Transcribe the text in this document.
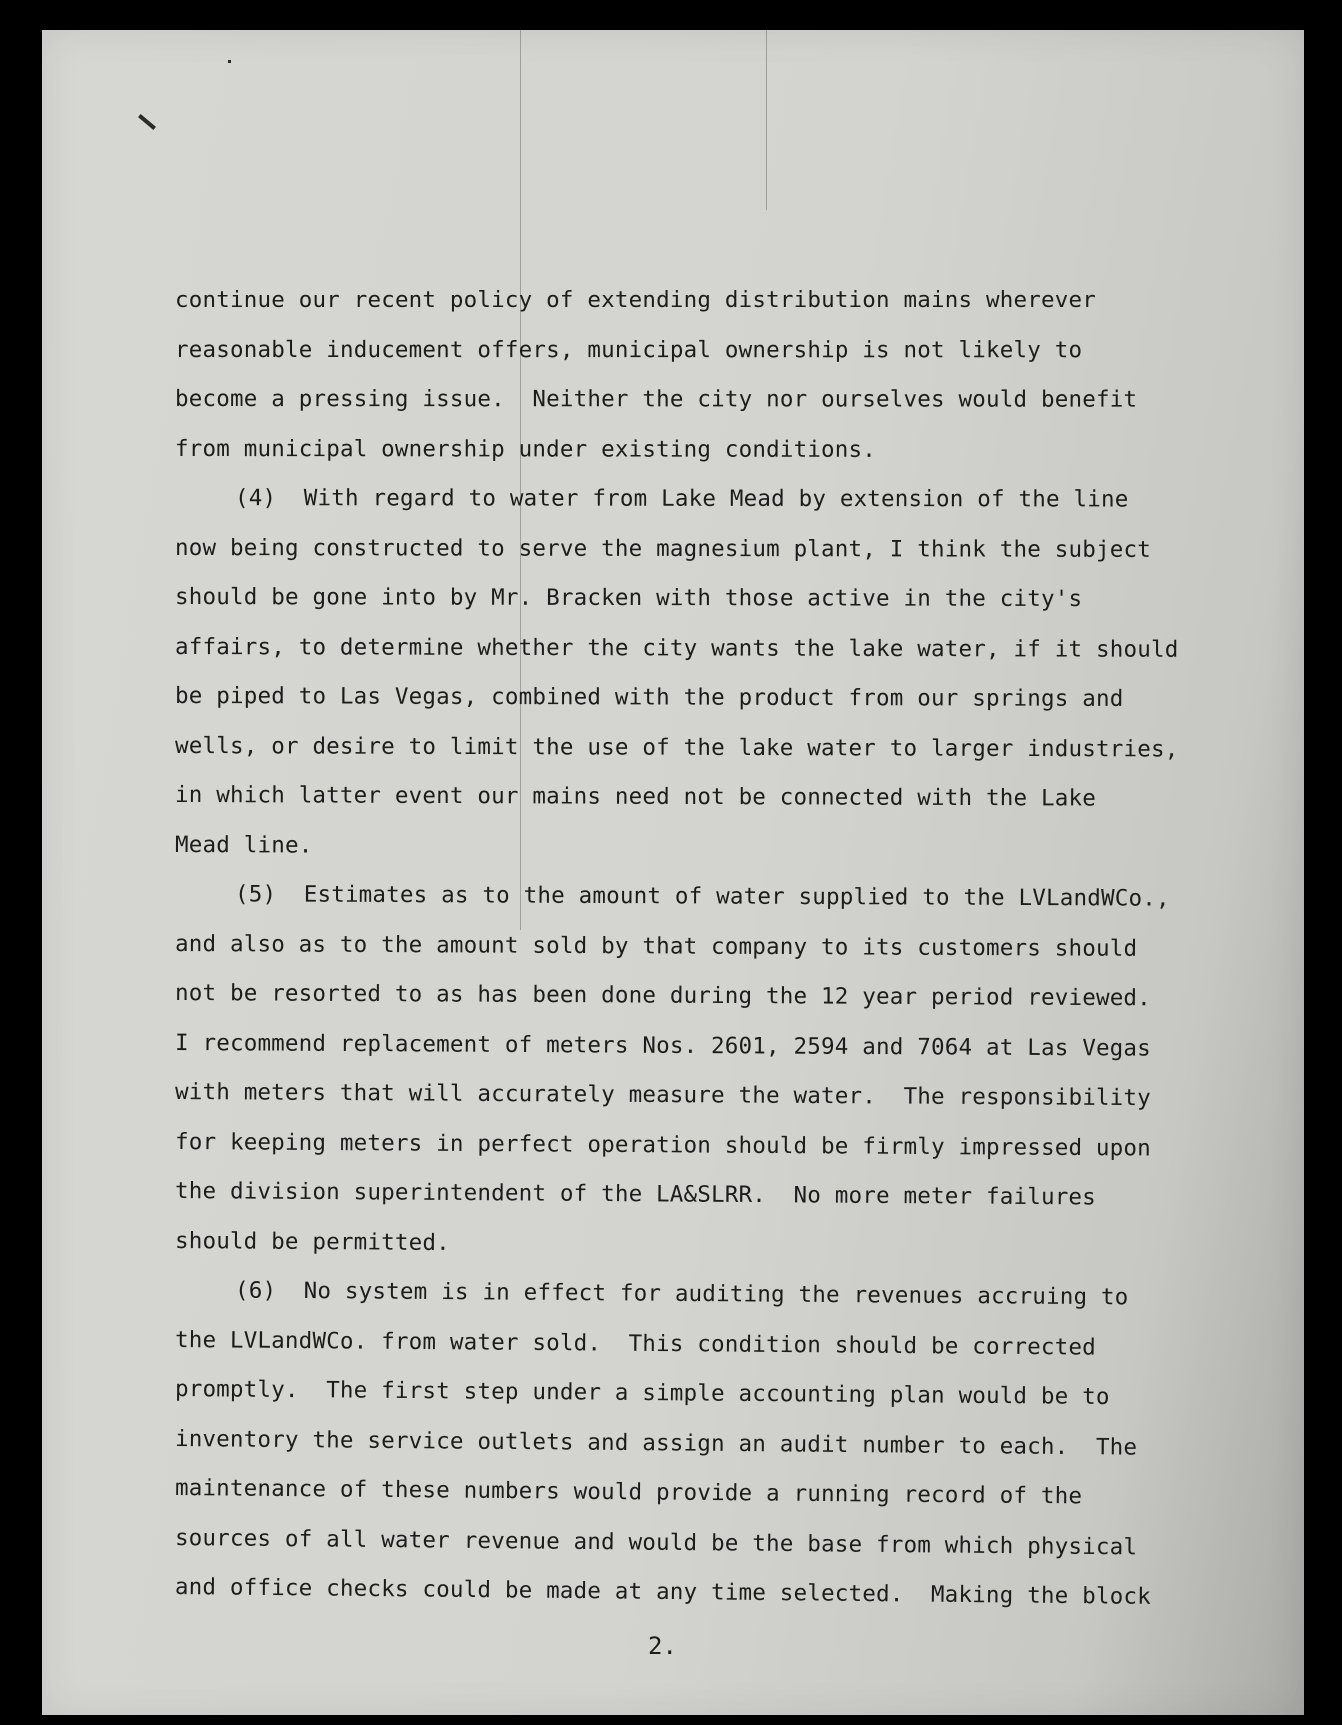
continue our recent policy of extending distribution mains wherever
reasonable inducement offers, municipal ownership is not likely to
become a pressing issue.  Neither the city nor ourselves would benefit
from municipal ownership under existing conditions.
(4)  With regard to water from Lake Mead by extension of the line
now being constructed to serve the magnesium plant, I think the subject
should be gone into by Mr. Bracken with those active in the city's
affairs, to determine whether the city wants the lake water, if it should
be piped to Las Vegas, combined with the product from our springs and
wells, or desire to limit the use of the lake water to larger industries,
in which latter event our mains need not be connected with the Lake
Mead line.
(5)  Estimates as to the amount of water supplied to the LVLandWCo.,
and also as to the amount sold by that company to its customers should
not be resorted to as has been done during the 12 year period reviewed.
I recommend replacement of meters Nos. 2601, 2594 and 7064 at Las Vegas
with meters that will accurately measure the water.  The responsibility
for keeping meters in perfect operation should be firmly impressed upon
the division superintendent of the LA&SLRR.  No more meter failures
should be permitted.
(6)  No system is in effect for auditing the revenues accruing to
the LVLandWCo. from water sold.  This condition should be corrected
promptly.  The first step under a simple accounting plan would be to
inventory the service outlets and assign an audit number to each.  The
maintenance of these numbers would provide a running record of the
sources of all water revenue and would be the base from which physical
and office checks could be made at any time selected.  Making the block
2.
